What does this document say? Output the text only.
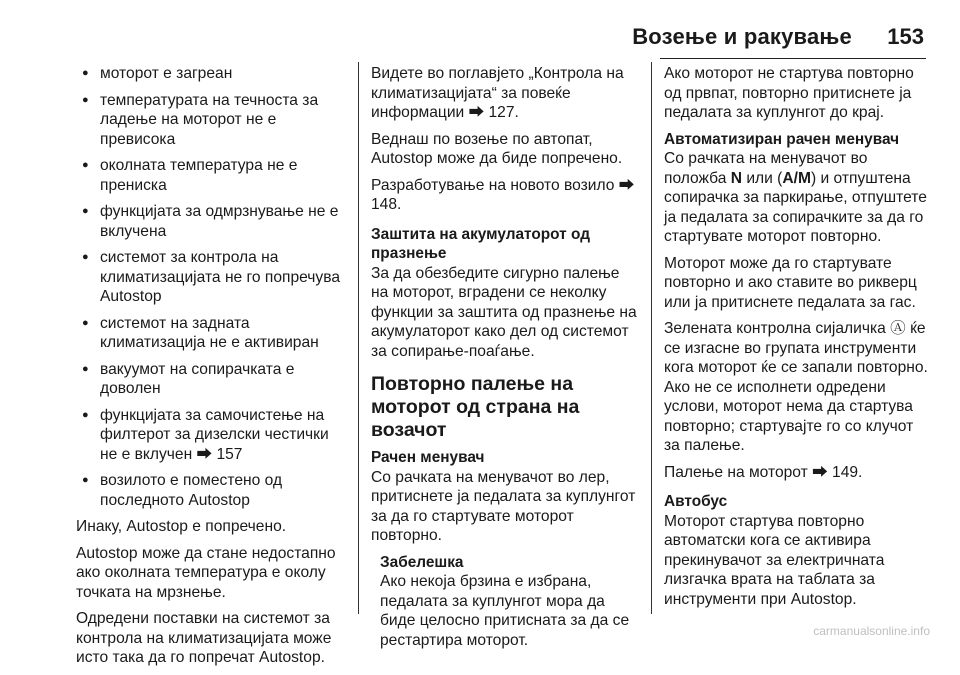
Возење и ракување 153
● моторот е загреан
● температурата на течноста за ладење на моторот не е превисока
● околната температура не е прениска
● функцијата за одмрзнување не е вклучена
● системот за контрола на климатизацијата не го попречува Autostop
● системот на задната климатизација не е активиран
● вакуумот на сопирачката е доволен
● функцијата за самочистење на филтерот за дизелски честички не е вклучен ⮕ 157
● возилото е поместено од последното Autostop

Инаку, Autostop е попречено.

Autostop може да стане недостапно ако околната температура е околу точката на мрзнење.

Одредени поставки на системот за контрола на климатизацијата може исто така да го попречат Autostop.

Видете во поглавјето „Контрола на климатизацијата“ за повеќе информации ⮕ 127.

Веднаш по возење по автопат, Autostop може да биде попречено.

Разработување на новото возило ⮕ 148.

Заштита на акумулаторот од празнење

За да обезбедите сигурно палење на моторот, вградени се неколку функции за заштита од празнење на акумулаторот како дел од системот за сопирање-поаѓање.

Повторно палење на моторот од страна на возачот

Рачен менувач

Со рачката на менувачот во лер, притиснете ја педалата за куплунгот за да го стартувате моторот повторно.

Забелешка

Ако некоја брзина е избрана, педалата за куплунгот мора да биде целосно притисната за да се рестартира моторот.

Ако моторот не стартува повторно од првпат, повторно притиснете ја педалата за куплунгот до крај.

Автоматизиран рачен менувач

Со рачката на менувачот во положба N или (A/M) и отпуштена сопирачка за паркирање, отпуштете ја педалата за сопирачките за да го стартувате моторот повторно.

Моторот може да го стартувате повторно и ако ставите во рикверц или ја притиснете педалата за гас.

Зелената контролна сијаличка Ⓐ ќе се изгасне во групата инструменти кога моторот ќе се запали повторно. Ако не се исполнети одредени услови, моторот нема да стартува повторно; стартувајте го со клучот за палење.

Палење на моторот ⮕ 149.

Автобус

Моторот стартува повторно автоматски кога се активира прекинувачот за електричната лизгачка врата на таблата за инструменти при Autostop.

carmanualsonline.info
